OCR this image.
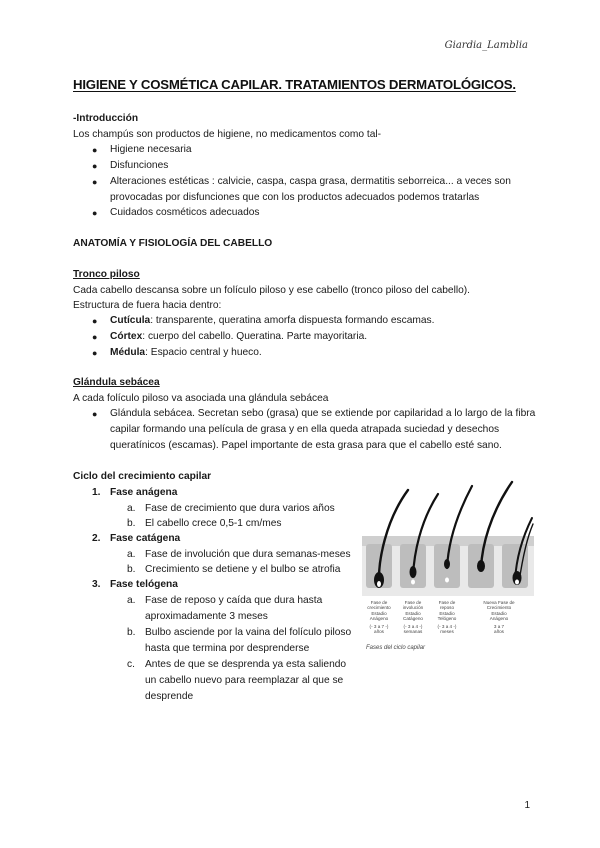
Giardia_Lamblia
HIGIENE Y COSMÉTICA CAPILAR. TRATAMIENTOS DERMATOLÓGICOS.
-Introducción
Los champús son productos de higiene, no medicamentos como tal-
● Higiene necesaria
● Disfunciones
● Alteraciones estéticas : calvicie, caspa, caspa grasa, dermatitis seborreica... a veces son
provocadas por disfunciones que con los productos adecuados podemos tratarlas
● Cuidados cosméticos adecuados
ANATOMÍA Y FISIOLOGÍA DEL CABELLO
Tronco piloso
Cada cabello descansa sobre un folículo piloso y ese cabello (tronco piloso del cabello).
Estructura de fuera hacia dentro:
● Cutícula: transparente, queratina amorfa dispuesta formando escamas.
● Córtex: cuerpo del cabello. Queratina. Parte mayoritaria.
● Médula: Espacio central y hueco.
Glándula sebácea
A cada folículo piloso va asociada una glándula sebácea
● Glándula sebácea. Secretan sebo (grasa) que se extiende por capilaridad a lo largo de la fibra
capilar formando una película de grasa y en ella queda atrapada suciedad y desechos
queratínicos (escamas). Papel importante de esta grasa para que el cabello esté sano.
Ciclo del crecimiento capilar
1. Fase anágena
a. Fase de crecimiento que dura varios años
b. El cabello crece 0,5-1 cm/mes
2. Fase catágena
a. Fase de involución que dura semanas-meses
b. Crecimiento se detiene y el bulbo se atrofia
3. Fase telógena
a. Fase de reposo y caída que dura hasta
aproximadamente 3 meses
b. Bulbo asciende por la vaina del folículo piloso
hasta que termina por desprenderse
c. Antes de que se desprenda ya esta saliendo
un cabello nuevo para reemplazar al que se
desprende
Fase de
crecimiento
Estadio
Anágeno
(- 3 a 7 -)
años
Fase de
involución
Estadio
Catágeno
(- 3 a 4 -)
semanas
Fase de
reposo
Estadio
Telógeno
(- 3 a 4 -)
meses
Nueva Fase de
Crecimiento
Estadio
Anágeno
3 a 7
años
Fases del ciclo capilar
1
